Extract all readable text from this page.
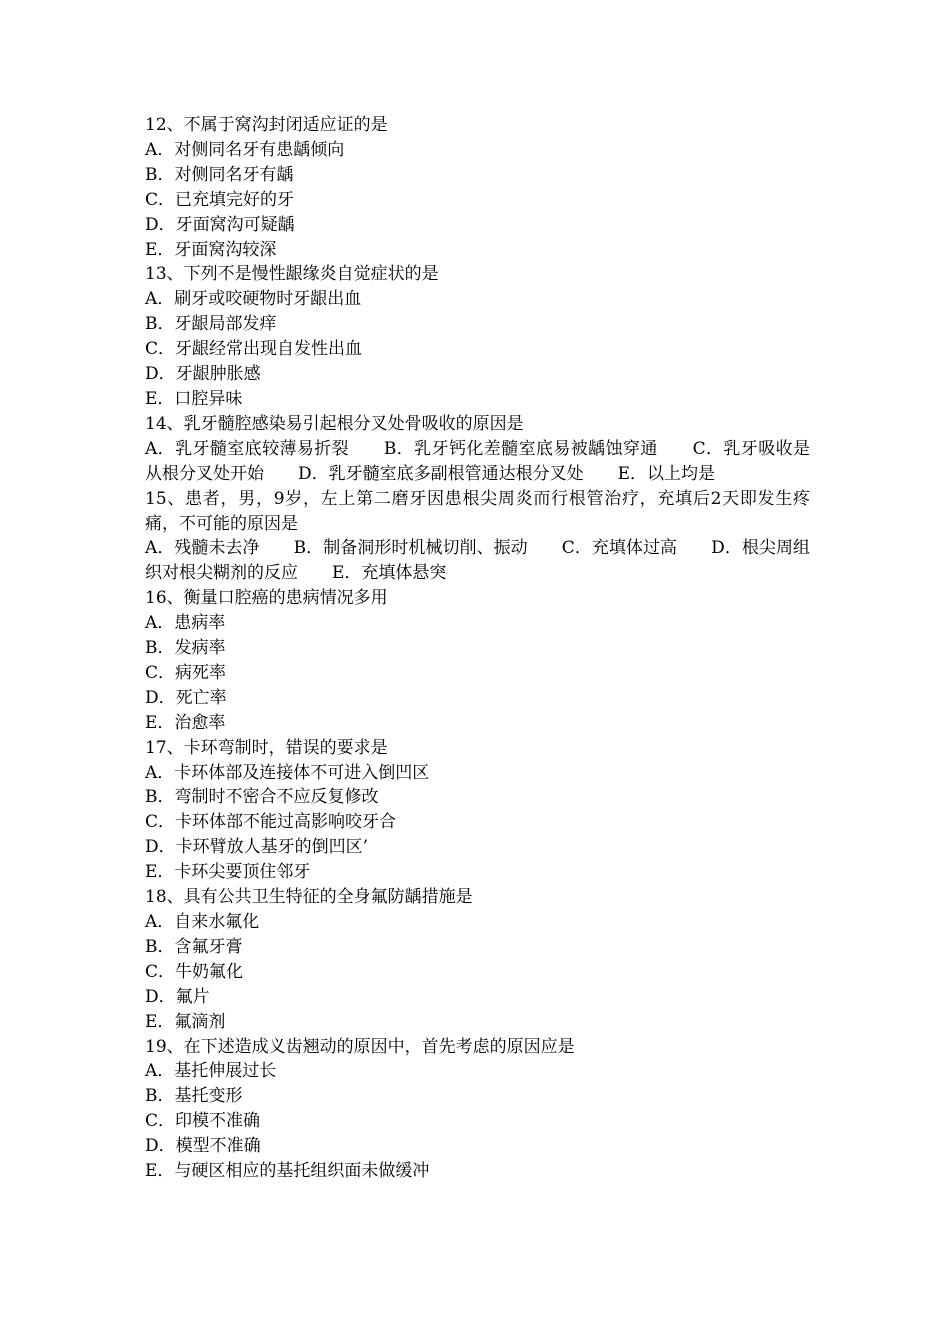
12、不属于窝沟封闭适应证的是
A．对侧同名牙有患龋倾向
B．对侧同名牙有龋
C．已充填完好的牙
D．牙面窝沟可疑龋
E．牙面窝沟较深
13、下列不是慢性龈缘炎自觉症状的是
A．刷牙或咬硬物时牙龈出血
B．牙龈局部发痒
C．牙龈经常出现自发性出血
D．牙龈肿胀感
E．口腔异味
14、乳牙髓腔感染易引起根分叉处骨吸收的原因是
A．乳牙髓室底较薄易折裂　　B．乳牙钙化差髓室底易被龋蚀穿通　　C．乳牙吸收是从根分叉处开始　　D．乳牙髓室底多副根管通达根分叉处　　E．以上均是
15、患者，男，9岁，左上第二磨牙因患根尖周炎而行根管治疗，充填后2天即发生疼痛，不可能的原因是
A．残髓未去净　　B．制备洞形时机械切削、振动　　C．充填体过高　　D．根尖周组织对根尖糊剂的反应　　E．充填体悬突
16、衡量口腔癌的患病情况多用
A．患病率
B．发病率
C．病死率
D．死亡率
E．治愈率
17、卡环弯制时，错误的要求是
A．卡环体部及连接体不可进入倒凹区
B．弯制时不密合不应反复修改
C．卡环体部不能过高影响咬牙合
D．卡环臂放人基牙的倒凹区’
E．卡环尖要顶住邻牙
18、具有公共卫生特征的全身氟防龋措施是
A．自来水氟化
B．含氟牙膏
C．牛奶氟化
D．氟片
E．氟滴剂
19、在下述造成义齿翘动的原因中，首先考虑的原因应是
A．基托伸展过长
B．基托变形
C．印模不准确
D．模型不准确
E．与硬区相应的基托组织面未做缓冲
